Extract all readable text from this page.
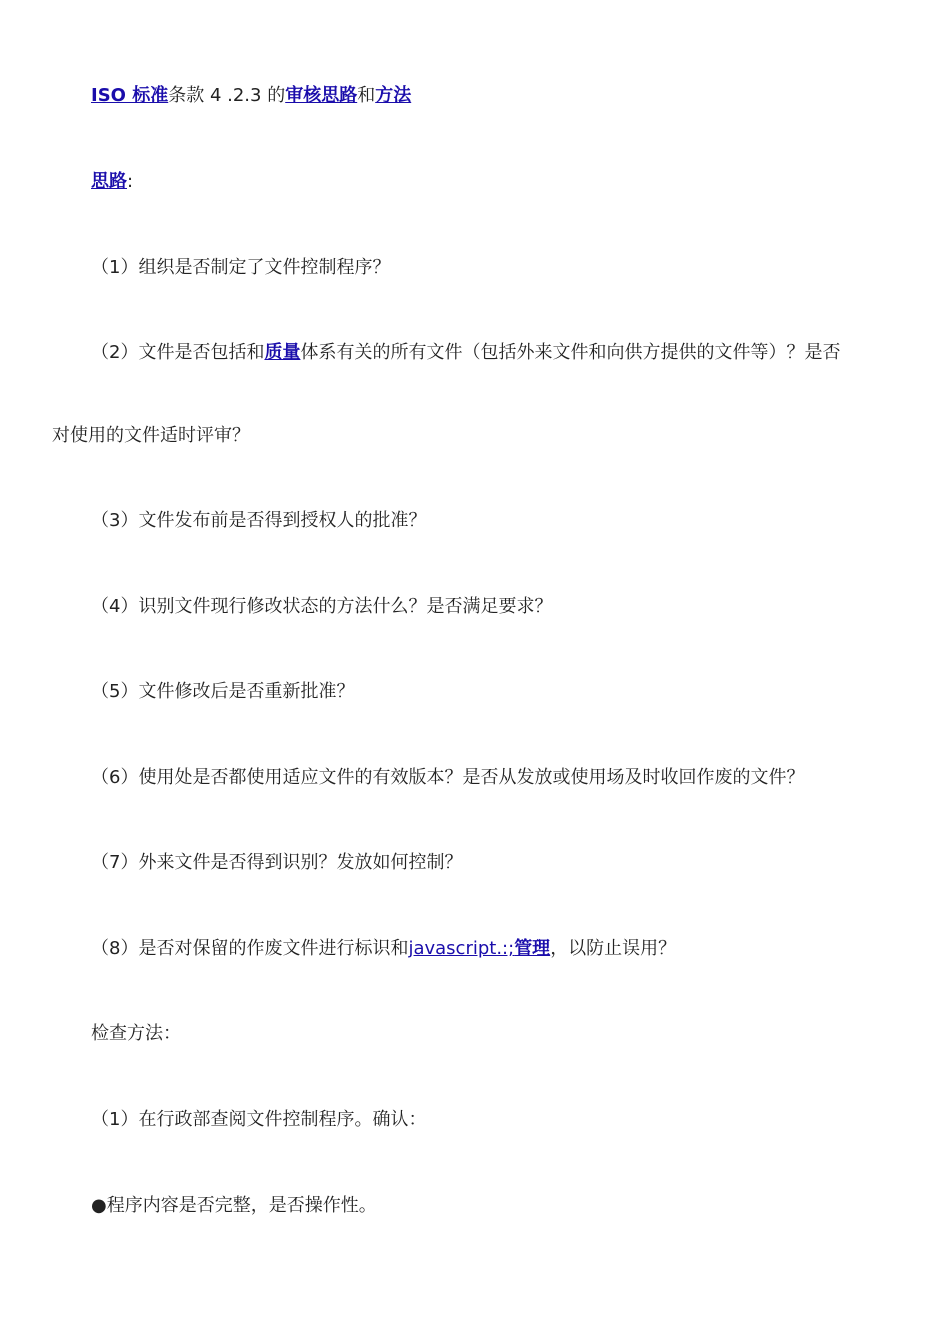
ISO 标准条款 4 .2.3 的审核思路和方法
思路:
（1）组织是否制定了文件控制程序？
（2）文件是否包括和质量体系有关的所有文件（包括外来文件和向供方提供的文件等）？是否
对使用的文件适时评审？
（3）文件发布前是否得到授权人的批准？
（4）识别文件现行修改状态的方法什么？是否满足要求？
（5）文件修改后是否重新批准？
（6）使用处是否都使用适应文件的有效版本？是否从发放或使用场及时收回作废的文件？
（7）外来文件是否得到识别？发放如何控制？
（8）是否对保留的作废文件进行标识和javascript.:;管理，以防止误用？
检查方法：
（1）在行政部查阅文件控制程序。确认：
●程序内容是否完整，是否操作性。
